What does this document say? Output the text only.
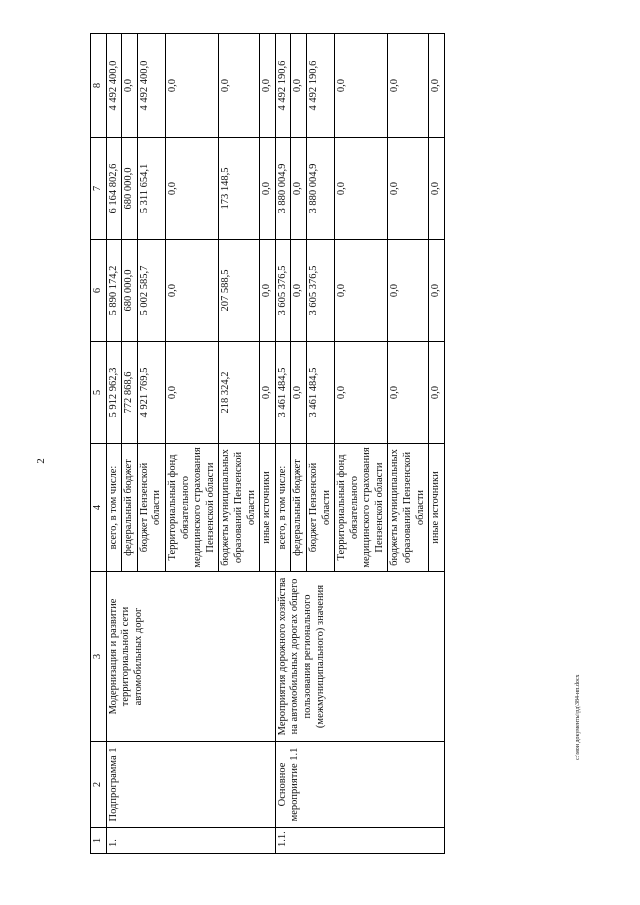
2
1	2	3	4	5	6	7	8
1.	Подпрограмма 1	Модернизация и развитие территориальной сети автомобильных дорог	всего, в том числе:	5 912 962,3	5 890 174,2	6 164 802,6	4 492 400,0
			федеральный бюджет	772 868,6	680 000,0	680 000,0	0,0
			бюджет Пензенской области	4 921 769,5	5 002 585,7	5 311 654,1	4 492 400,0
			Территориальный фонд обязательного медицинского страхования Пензенской области	0,0	0,0	0,0	0,0
			бюджеты муниципальных образований Пензенской области	218 324,2	207 588,5	173 148,5	0,0
			иные источники	0,0	0,0	0,0	0,0
1.1.	Основное мероприятие 1.1	Мероприятия дорожного хозяйства на автомобильных дорогах общего пользования регионального (межмуниципального) значения	всего, в том числе:	3 461 484,5	3 605 376,5	3 880 004,9	4 492 190,6
			федеральный бюджет	0,0	0,0	0,0	0,0
			бюджет Пензенской области	3 461 484,5	3 605 376,5	3 880 004,9	4 492 190,6
			Территориальный фонд обязательного медицинского страхования Пензенской области	0,0	0,0	0,0	0,0
			бюджеты муниципальных образований Пензенской области	0,0	0,0	0,0	0,0
			иные источники	0,0	0,0	0,0	0,0
c:\мои документы\рд\384-нп.docx
